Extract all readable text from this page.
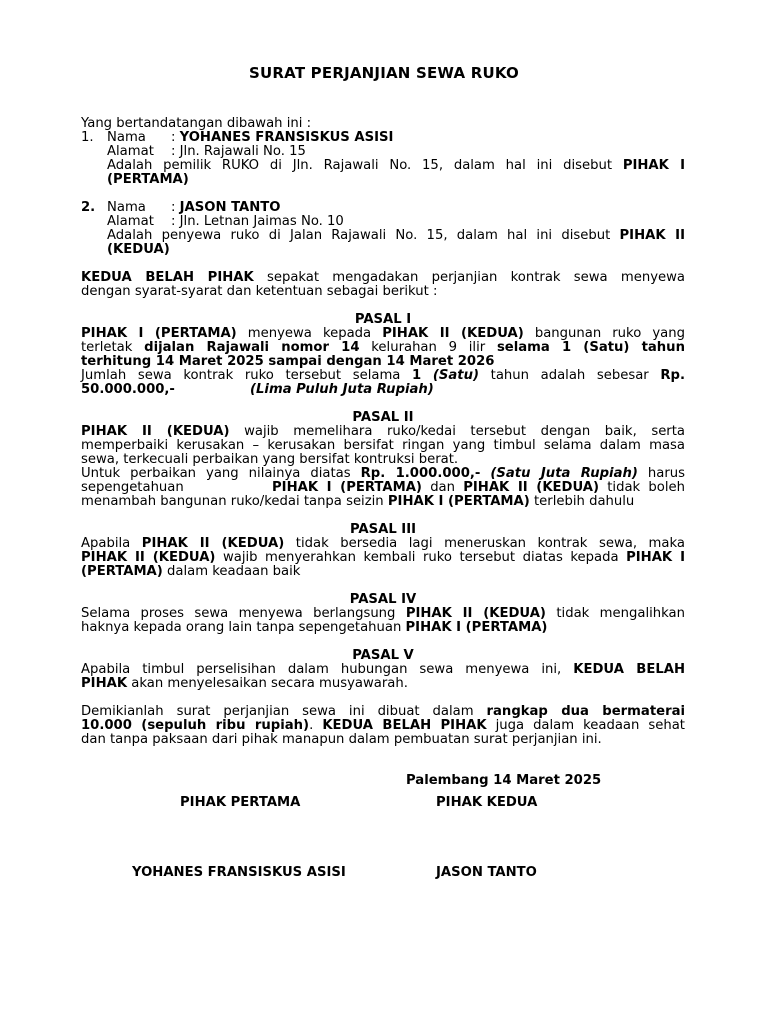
SURAT PERJANJIAN SEWA RUKO
Yang bertandatangan dibawah ini :
1. Nama : YOHANES FRANSISKUS ASISI
Alamat : Jln. Rajawali No. 15
Adalah pemilik RUKO di Jln. Rajawali No. 15, dalam hal ini disebut PIHAK I
(PERTAMA)
2. Nama : JASON TANTO
Alamat : Jln. Letnan Jaimas No. 10
Adalah penyewa ruko di Jalan Rajawali No. 15, dalam hal ini disebut PIHAK II
(KEDUA)
KEDUA BELAH PIHAK sepakat mengadakan perjanjian kontrak sewa menyewa
dengan syarat-syarat dan ketentuan sebagai berikut :
PASAL I
PIHAK I (PERTAMA) menyewa kepada PIHAK II (KEDUA) bangunan ruko yang
terletak dijalan Rajawali nomor 14 kelurahan 9 ilir selama 1 (Satu) tahun
terhitung 14 Maret 2025 sampai dengan 14 Maret 2026
Jumlah sewa kontrak ruko tersebut selama 1 (Satu) tahun adalah sebesar Rp.
50.000.000,-	(Lima Puluh Juta Rupiah)
PASAL II
PIHAK II (KEDUA) wajib memelihara ruko/kedai tersebut dengan baik, serta
memperbaiki kerusakan – kerusakan bersifat ringan yang timbul selama dalam masa
sewa, terkecuali perbaikan yang bersifat kontruksi berat.
Untuk perbaikan yang nilainya diatas Rp. 1.000.000,- (Satu Juta Rupiah) harus
sepengetahuan	PIHAK I (PERTAMA) dan PIHAK II (KEDUA) tidak boleh
menambah bangunan ruko/kedai tanpa seizin PIHAK I (PERTAMA) terlebih dahulu
PASAL III
Apabila PIHAK II (KEDUA) tidak bersedia lagi meneruskan kontrak sewa, maka
PIHAK II (KEDUA) wajib menyerahkan kembali ruko tersebut diatas kepada PIHAK I
(PERTAMA) dalam keadaan baik
PASAL IV
Selama proses sewa menyewa berlangsung PIHAK II (KEDUA) tidak mengalihkan
haknya kepada orang lain tanpa sepengetahuan PIHAK I (PERTAMA)
PASAL V
Apabila timbul perselisihan dalam hubungan sewa menyewa ini, KEDUA BELAH
PIHAK akan menyelesaikan secara musyawarah.
Demikianlah surat perjanjian sewa ini dibuat dalam rangkap dua bermaterai
10.000 (sepuluh ribu rupiah). KEDUA BELAH PIHAK juga dalam keadaan sehat
dan tanpa paksaan dari pihak manapun dalam pembuatan surat perjanjian ini.
Palembang 14 Maret 2025
PIHAK PERTAMA	PIHAK KEDUA
YOHANES FRANSISKUS ASISI	JASON TANTO
